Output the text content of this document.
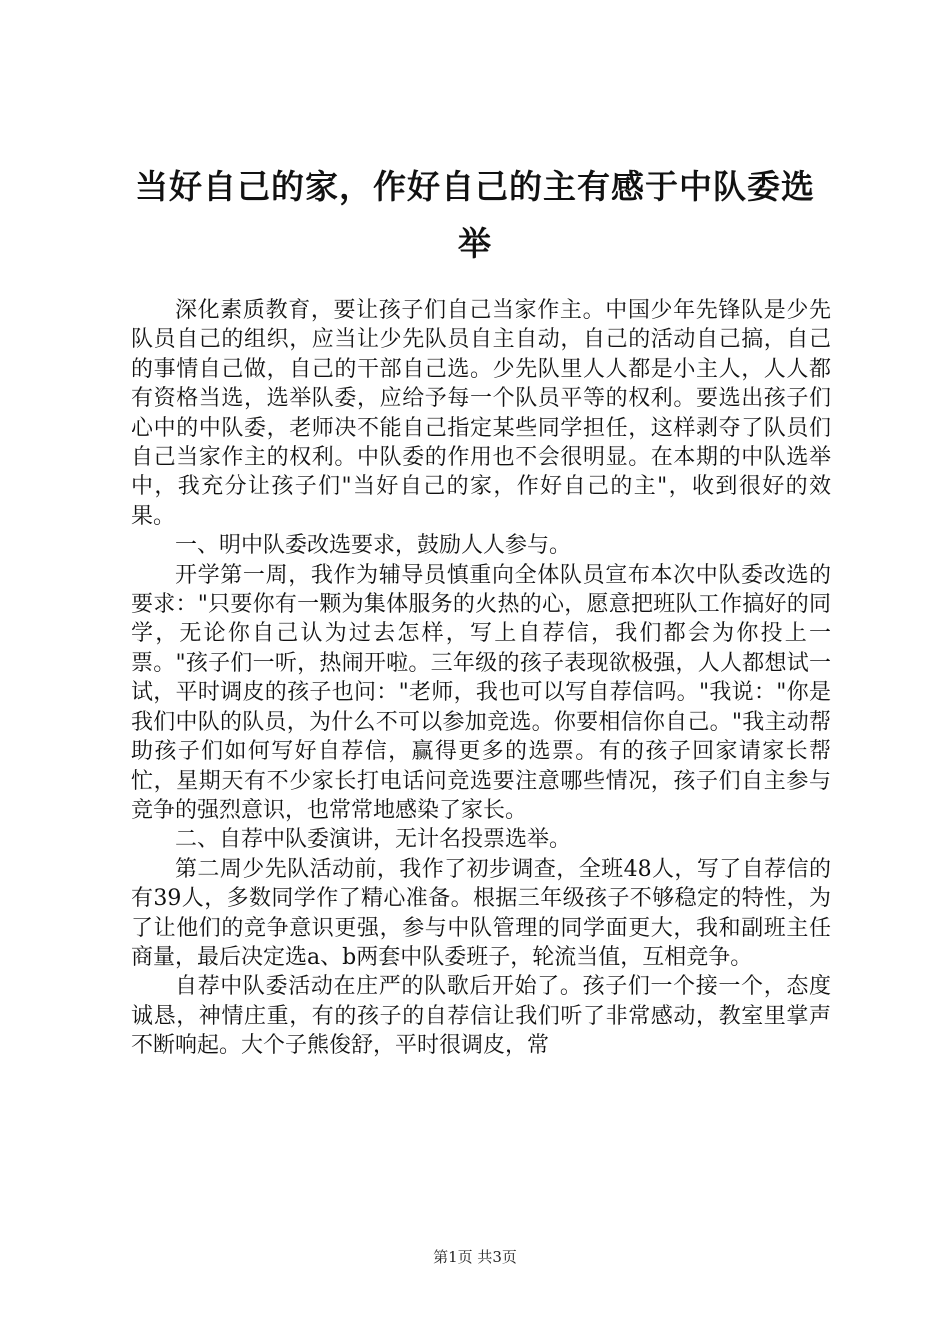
当好自己的家，作好自己的主有感于中队委选举

深化素质教育，要让孩子们自己当家作主。中国少年先锋队是少先队员自己的组织，应当让少先队员自主自动，自己的活动自己搞，自己的事情自己做，自己的干部自己选。少先队里人人都是小主人，人人都有资格当选，选举队委，应给予每一个队员平等的权利。要选出孩子们心中的中队委，老师决不能自己指定某些同学担任，这样剥夺了队员们自己当家作主的权利。中队委的作用也不会很明显。在本期的中队选举中，我充分让孩子们"当好自己的家，作好自己的主"，收到很好的效果。

一、明中队委改选要求，鼓励人人参与。

开学第一周，我作为辅导员慎重向全体队员宣布本次中队委改选的要求："只要你有一颗为集体服务的火热的心，愿意把班队工作搞好的同学，无论你自己认为过去怎样，写上自荐信，我们都会为你投上一票。"孩子们一听，热闹开啦。三年级的孩子表现欲极强，人人都想试一试，平时调皮的孩子也问："老师，我也可以写自荐信吗。"我说："你是我们中队的队员，为什么不可以参加竞选。你要相信你自己。"我主动帮助孩子们如何写好自荐信，赢得更多的选票。有的孩子回家请家长帮忙，星期天有不少家长打电话问竞选要注意哪些情况，孩子们自主参与竞争的强烈意识，也常常地感染了家长。

二、自荐中队委演讲，无计名投票选举。

第二周少先队活动前，我作了初步调查，全班48人，写了自荐信的有39人，多数同学作了精心准备。根据三年级孩子不够稳定的特性，为了让他们的竞争意识更强，参与中队管理的同学面更大，我和副班主任商量，最后决定选a、b两套中队委班子，轮流当值，互相竞争。

自荐中队委活动在庄严的队歌后开始了。孩子们一个接一个，态度诚恳，神情庄重，有的孩子的自荐信让我们听了非常感动，教室里掌声不断响起。大个子熊俊舒，平时很调皮，常

第1页 共3页
